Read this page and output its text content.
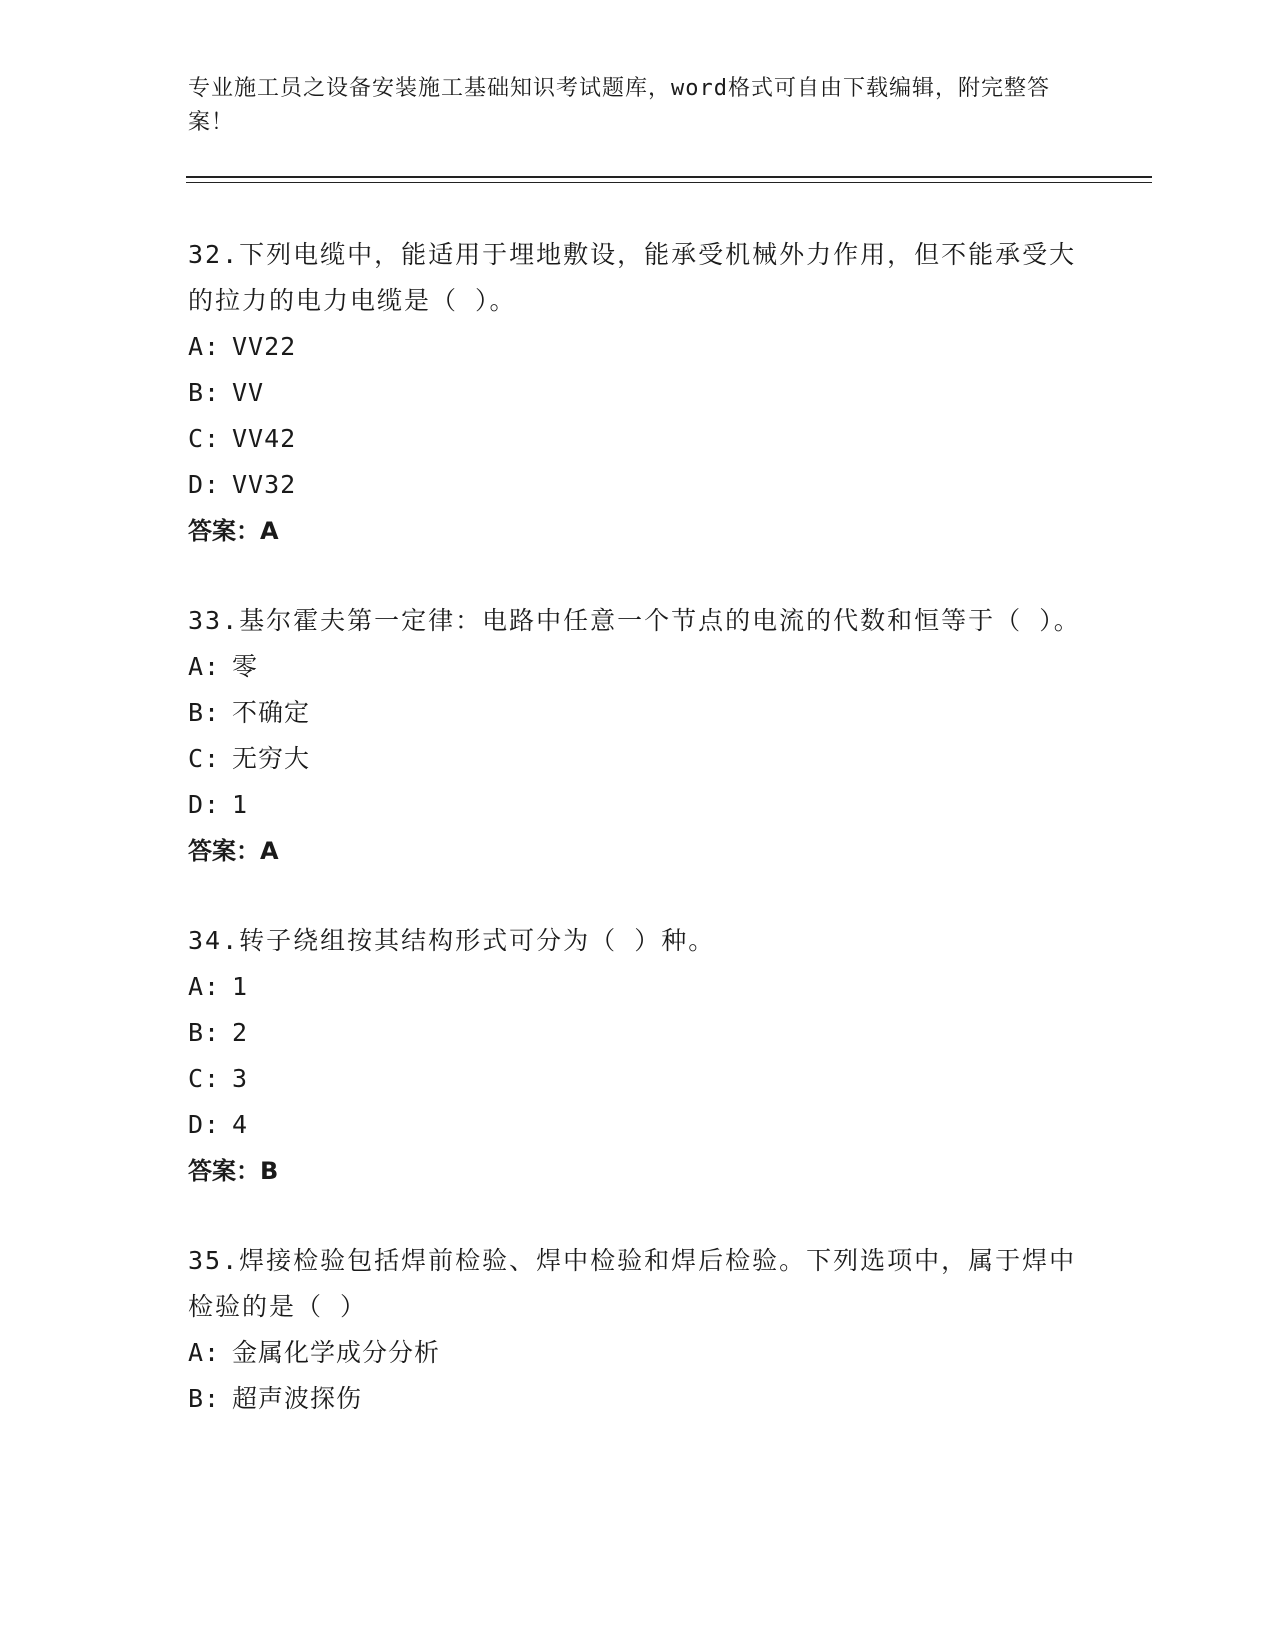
专业施工员之设备安装施工基础知识考试题库，word格式可自由下载编辑，附完整答案！

32.下列电缆中，能适用于埋地敷设，能承受机械外力作用，但不能承受大的拉力的电力电缆是（ ）。

A: VV22

B: VV

C: VV42

D: VV32

答案：A

33.基尔霍夫第一定律：电路中任意一个节点的电流的代数和恒等于（ ）。

A: 零

B: 不确定

C: 无穷大

D: 1

答案：A

34.转子绕组按其结构形式可分为（ ）种。

A: 1

B: 2

C: 3

D: 4

答案：B

35.焊接检验包括焊前检验、焊中检验和焊后检验。下列选项中，属于焊中检验的是（ ）

A: 金属化学成分分析

B: 超声波探伤
